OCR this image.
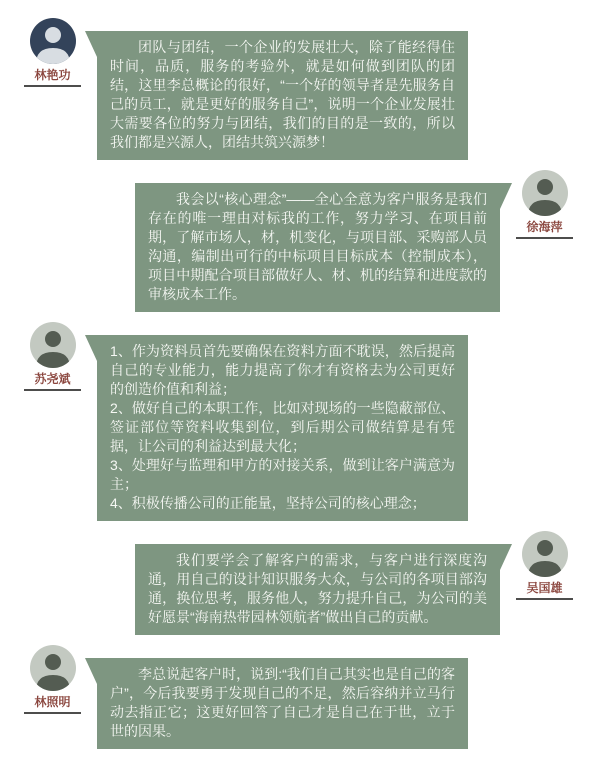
林艳功

团队与团结，一个企业的发展壮大，除了能经得住时间，品质，服务的考验外，就是如何做到团队的团结，这里李总概论的很好，“一个好的领导者是先服务自己的员工，就是更好的服务自己”，说明一个企业发展壮大需要各位的努力与团结，我们的目的是一致的，所以我们都是兴源人，团结共筑兴源梦！

徐海萍

我会以“核心理念”——全心全意为客户服务是我们存在的唯一理由对标我的工作，努力学习、在项目前期，了解市场人，材，机变化，与项目部、采购部人员沟通，编制出可行的中标项目目标成本（控制成本），项目中期配合项目部做好人、材、机的结算和进度款的审核成本工作。

苏尧斌

1、作为资料员首先要确保在资料方面不耽误，然后提高自己的专业能力，能力提高了你才有资格去为公司更好的创造价值和利益；

2、做好自己的本职工作，比如对现场的一些隐蔽部位、签证部位等资料收集到位，到后期公司做结算是有凭据，让公司的利益达到最大化；

3、处理好与监理和甲方的对接关系，做到让客户满意为主；

4、积极传播公司的正能量，坚持公司的核心理念；

吴国雄

我们要学会了解客户的需求，与客户进行深度沟通，用自己的设计知识服务大众，与公司的各项目部沟通，换位思考，服务他人，努力提升自己，为公司的美好愿景“海南热带园林领航者”做出自己的贡献。

林照明

李总说起客户时，说到:“我们自己其实也是自己的客户”，今后我要勇于发现自己的不足，然后容纳并立马行动去指正它；这更好回答了自己才是自己在于世，立于世的因果。
